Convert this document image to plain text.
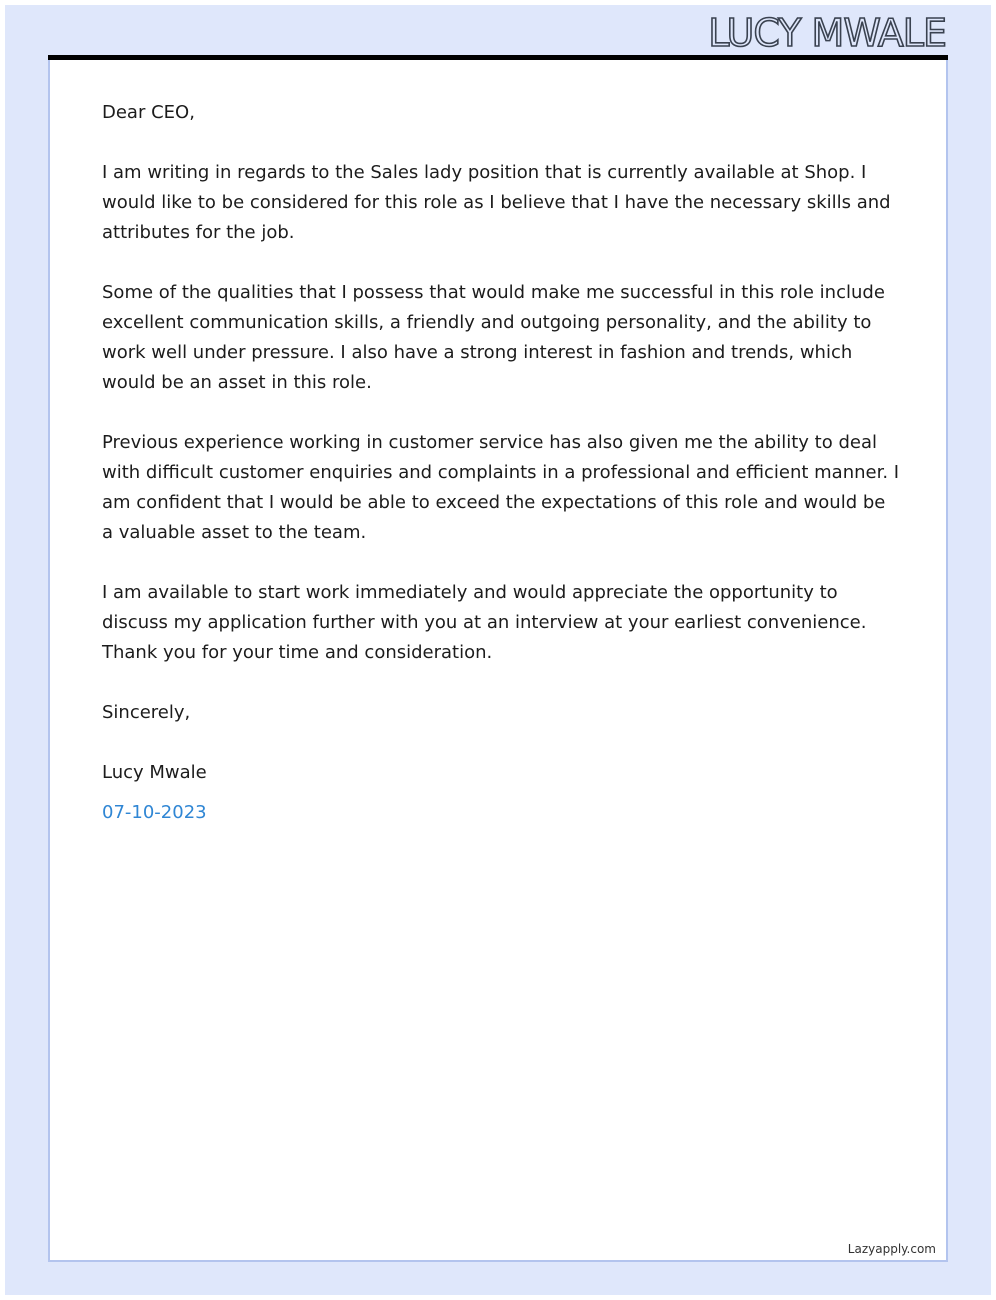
LUCY MWALE

Dear CEO,

I am writing in regards to the Sales lady position that is currently available at Shop. I would like to be considered for this role as I believe that I have the necessary skills and attributes for the job.

Some of the qualities that I possess that would make me successful in this role include excellent communication skills, a friendly and outgoing personality, and the ability to work well under pressure. I also have a strong interest in fashion and trends, which would be an asset in this role.

Previous experience working in customer service has also given me the ability to deal with difficult customer enquiries and complaints in a professional and efficient manner. I am confident that I would be able to exceed the expectations of this role and would be a valuable asset to the team.

I am available to start work immediately and would appreciate the opportunity to discuss my application further with you at an interview at your earliest convenience. Thank you for your time and consideration.

Sincerely,

Lucy Mwale

07-10-2023

Lazyapply.com
